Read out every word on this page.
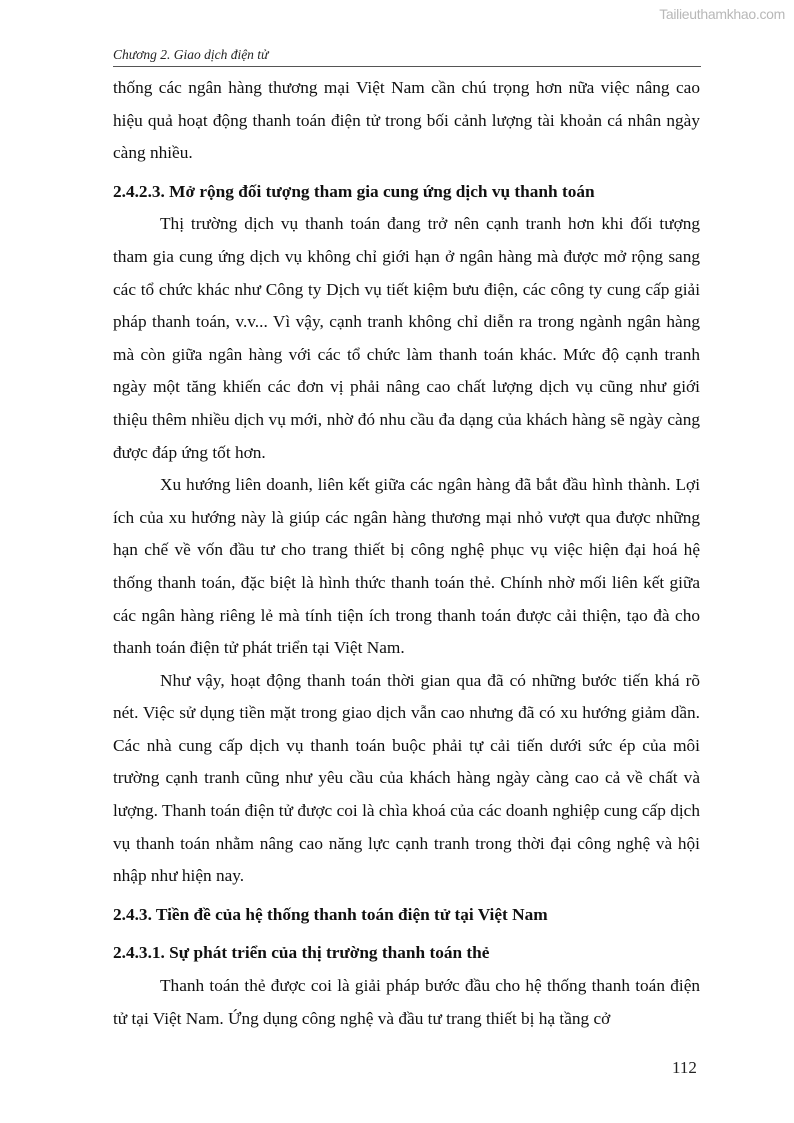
Tailieuthamkhao.com
Chương 2. Giao dịch điện tử

thống các ngân hàng thương mại Việt Nam cần chú trọng hơn nữa việc nâng cao hiệu quả hoạt động thanh toán điện tử trong bối cảnh lượng tài khoản cá nhân ngày càng nhiều.

2.4.2.3. Mở rộng đối tượng tham gia cung ứng dịch vụ thanh toán

Thị trường dịch vụ thanh toán đang trở nên cạnh tranh hơn khi đối tượng tham gia cung ứng dịch vụ không chỉ giới hạn ở ngân hàng mà được mở rộng sang các tổ chức khác như Công ty Dịch vụ tiết kiệm bưu điện, các công ty cung cấp giải pháp thanh toán, v.v... Vì vậy, cạnh tranh không chỉ diễn ra trong ngành ngân hàng mà còn giữa ngân hàng với các tổ chức làm thanh toán khác. Mức độ cạnh tranh ngày một tăng khiến các đơn vị phải nâng cao chất lượng dịch vụ cũng như giới thiệu thêm nhiều dịch vụ mới, nhờ đó nhu cầu đa dạng của khách hàng sẽ ngày càng được đáp ứng tốt hơn.

Xu hướng liên doanh, liên kết giữa các ngân hàng đã bắt đầu hình thành. Lợi ích của xu hướng này là giúp các ngân hàng thương mại nhỏ vượt qua được những hạn chế về vốn đầu tư cho trang thiết bị công nghệ phục vụ việc hiện đại hoá hệ thống thanh toán, đặc biệt là hình thức thanh toán thẻ. Chính nhờ mối liên kết giữa các ngân hàng riêng lẻ mà tính tiện ích trong thanh toán được cải thiện, tạo đà cho thanh toán điện tử phát triển tại Việt Nam.

Như vậy, hoạt động thanh toán thời gian qua đã có những bước tiến khá rõ nét. Việc sử dụng tiền mặt trong giao dịch vẫn cao nhưng đã có xu hướng giảm dần. Các nhà cung cấp dịch vụ thanh toán buộc phải tự cải tiến dưới sức ép của môi trường cạnh tranh cũng như yêu cầu của khách hàng ngày càng cao cả về chất và lượng. Thanh toán điện tử được coi là chìa khoá của các doanh nghiệp cung cấp dịch vụ thanh toán nhằm nâng cao năng lực cạnh tranh trong thời đại công nghệ và hội nhập như hiện nay.

2.4.3. Tiền đề của hệ thống thanh toán điện tử tại Việt Nam
2.4.3.1. Sự phát triển của thị trường thanh toán thẻ

Thanh toán thẻ được coi là giải pháp bước đầu cho hệ thống thanh toán điện tử tại Việt Nam. Ứng dụng công nghệ và đầu tư trang thiết bị hạ tầng cở

112
